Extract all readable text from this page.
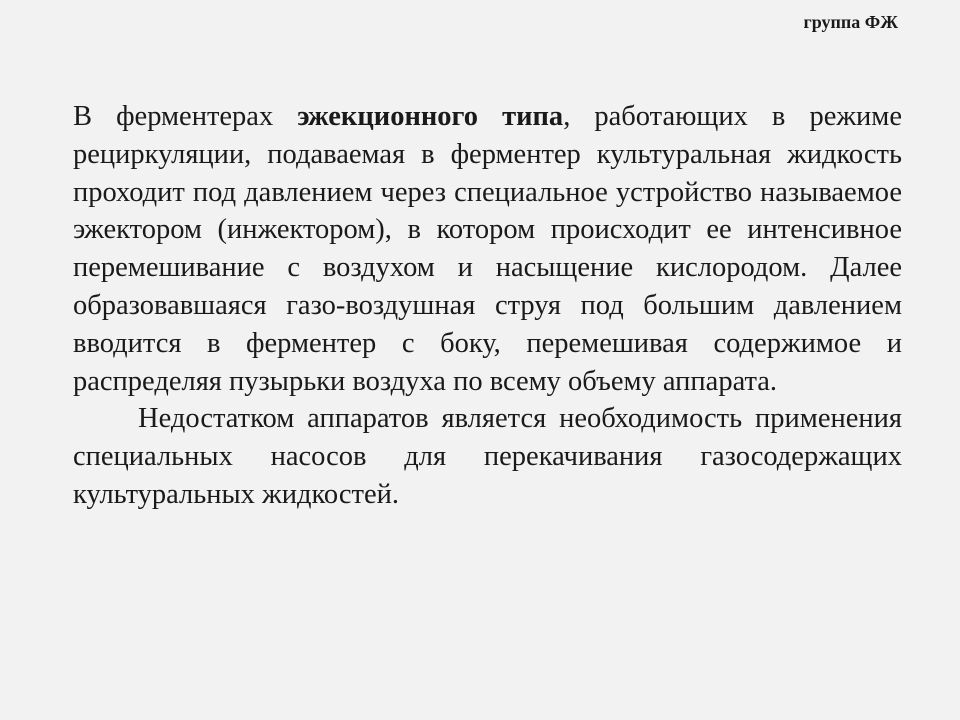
группа ФЖ

В ферментерах эжекционного типа, работающих в режиме рециркуляции, подаваемая в ферментер культуральная жидкость проходит под давлением через специальное устройство называемое эжектором (инжектором), в котором происходит ее интенсивное перемешивание с воздухом и насыщение кислородом. Далее образовавшаяся газо-воздушная струя под большим давлением вводится в ферментер с боку, перемешивая содержимое и распределяя пузырьки воздуха по всему объему аппарата.

Недостатком аппаратов является необходимость применения специальных насосов для перекачивания газосодержащих культуральных жидкостей.
